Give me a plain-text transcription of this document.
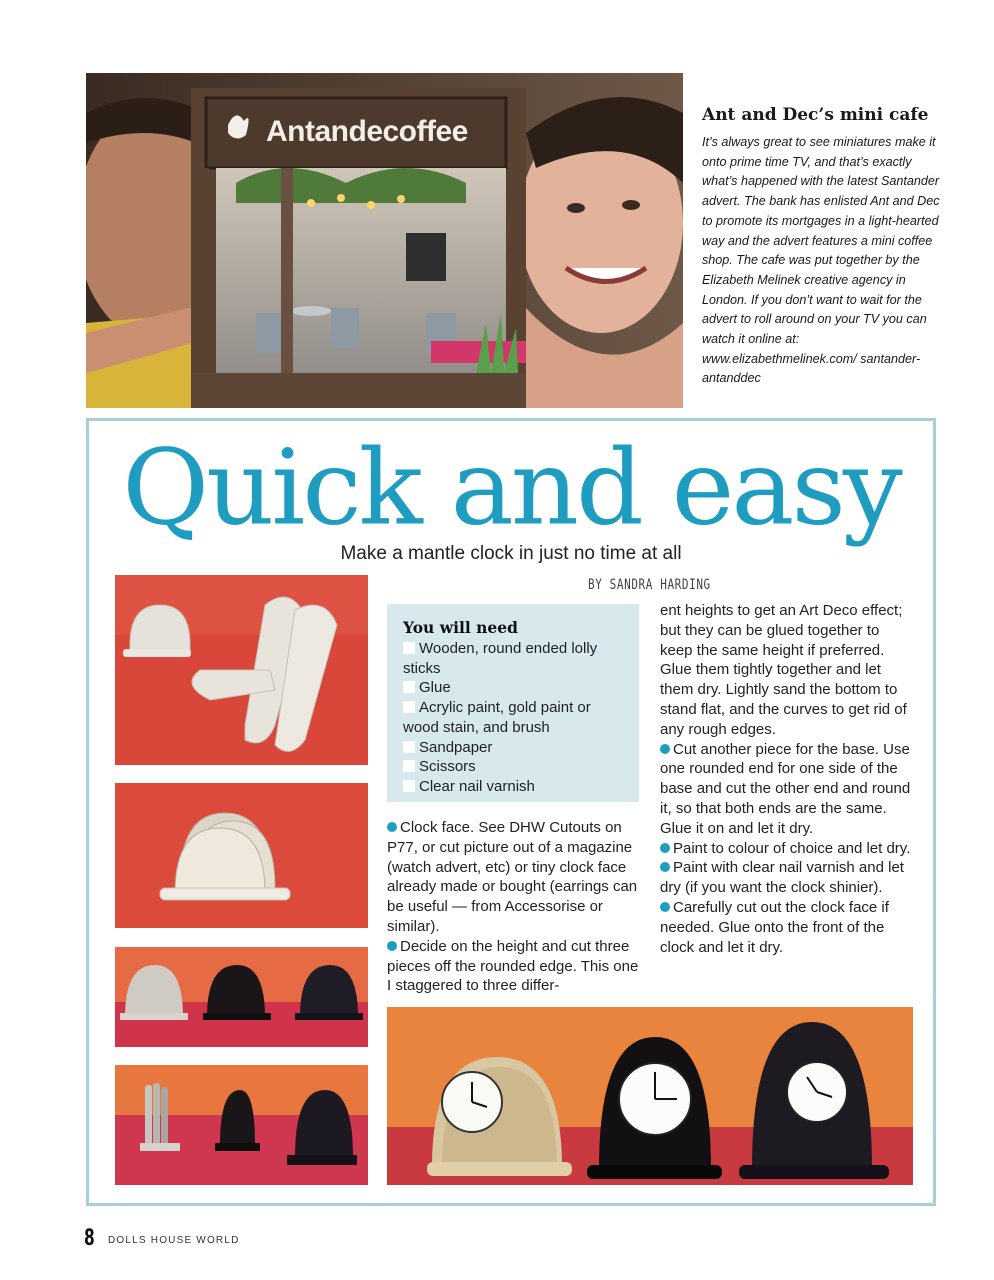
Antandecoffee	Ant and Dec’s mini cafe

It’s always great to see miniatures make it onto prime time TV, and that’s exactly what’s happened with the latest Santander advert. The bank has enlisted Ant and Dec to promote its mortgages in a light-hearted way and the advert features a mini coffee shop. The cafe was put together by the Elizabeth Melinek creative agency in London. If you don’t want to wait for the advert to roll around on your TV you can watch it online at: www.elizabethmelinek.com/ santander-antanddec

Quick and easy
Make a mantle clock in just no time at all
BY SANDRA HARDING
You will need
Wooden, round ended lolly sticks
Glue
Acrylic paint, gold paint or wood stain, and brush
Sandpaper
Scissors
Clear nail varnish

Clock face. See DHW Cutouts on P77, or cut picture out of a magazine (watch advert, etc) or tiny clock face already made or bought (earrings can be useful — from Accessorise or similar).

Decide on the height and cut three pieces off the rounded edge. This one I staggered to three differ-

ent heights to get an Art Deco effect; but they can be glued together to keep the same height if preferred. Glue them tightly together and let them dry. Lightly sand the bottom to stand flat, and the curves to get rid of any rough edges.

Cut another piece for the base. Use one rounded end for one side of the base and cut the other end and round it, so that both ends are the same. Glue it on and let it dry.

Paint to colour of choice and let dry.

Paint with clear nail varnish and let dry (if you want the clock shinier).

Carefully cut out the clock face if needed. Glue onto the front of the clock and let it dry.

8 DOLLS HOUSE WORLD
